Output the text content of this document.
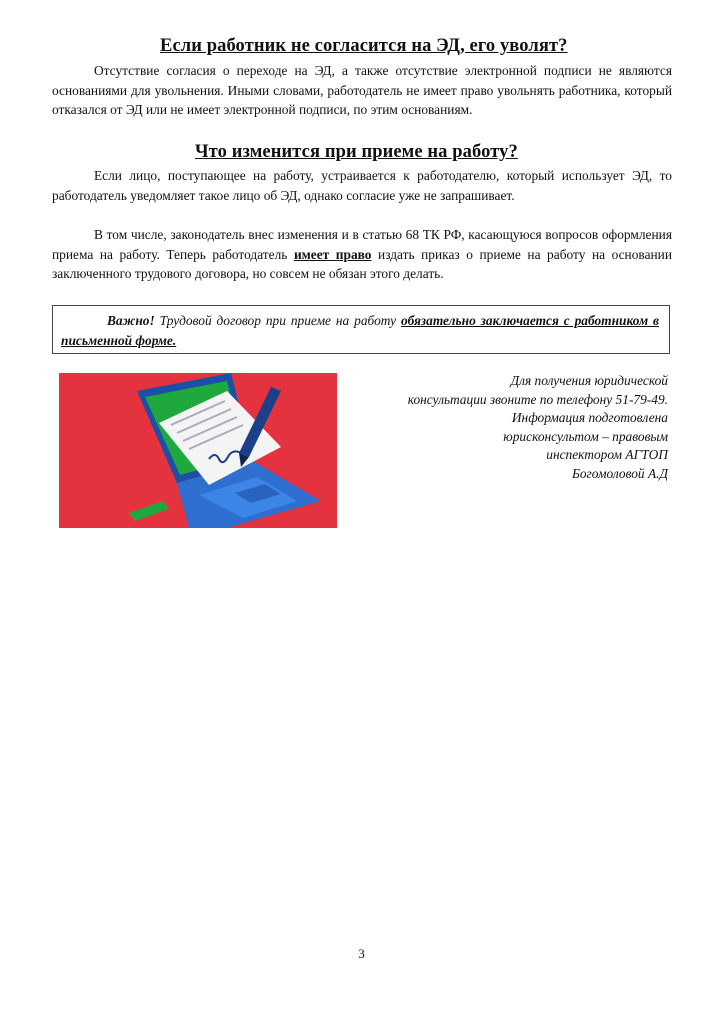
Если работник не согласится на ЭД, его уволят?

Отсутствие согласия о переходе на ЭД, а также отсутствие электронной подписи не являются основаниями для увольнения. Иными словами, работодатель не имеет право увольнять работника, который отказался от ЭД или не имеет электронной подписи, по этим основаниям.

Что изменится при приеме на работу?

Если лицо, поступающее на работу, устраивается к работодателю, который использует ЭД, то работодатель уведомляет такое лицо об ЭД, однако согласие уже не запрашивает.

В том числе, законодатель внес изменения и в статью 68 ТК РФ, касающуюся вопросов оформления приема на работу. Теперь работодатель имеет право издать приказ о приеме на работу на основании заключенного трудового договора, но совсем не обязан этого делать.

Важно! Трудовой договор при приеме на работу обязательно заключается с работником в письменной форме.
Для получения юридической
консультации звоните по телефону 51-79-49.
Информация подготовлена
юрисконсультом – правовым
инспектором АГТОП
Богомоловой А.Д
3
